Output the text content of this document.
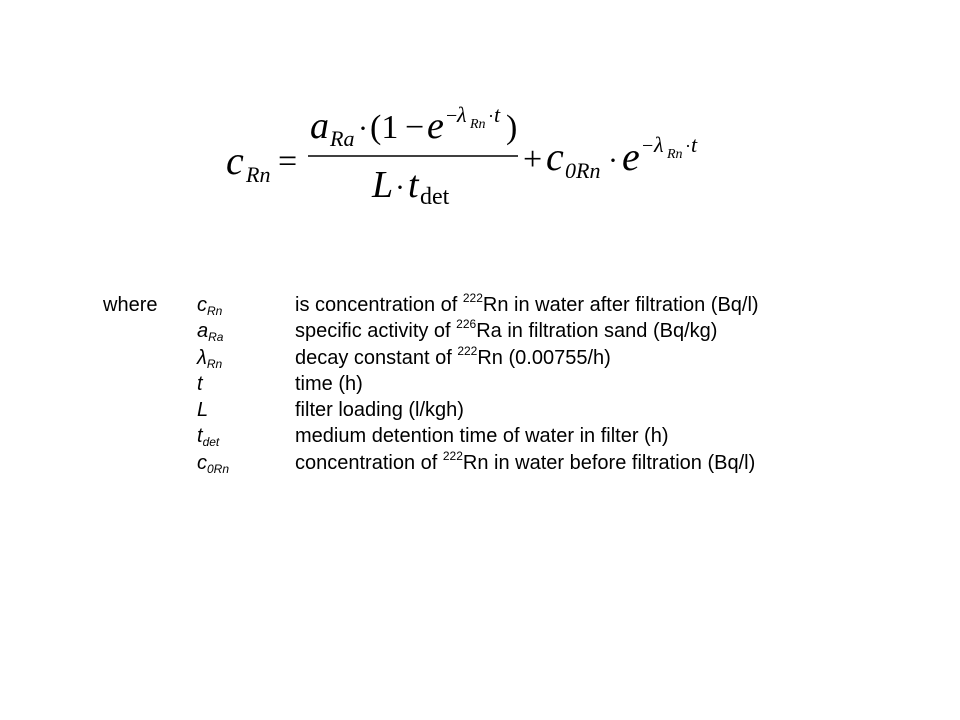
c Rn =
a Ra · (1 − e − λ Rn · t )
L · t det
+ c 0Rn · e − λ Rn · t
where $c_{Rn}$	is concentration of $^{222}$Rn in water after filtration (Bq/l)
$a_{Ra}$	specific activity of $^{226}$Ra in filtration sand (Bq/kg)
$\lambda_{Rn}$	decay constant of $^{222}$Rn (0.00755/h)
t	time (h)
L	filter loading (l/kgh)
$t_{det}$	medium detention time of water in filter (h)
$c_{0Rn}$	concentration of $^{222}$Rn in water before filtration (Bq/l)
